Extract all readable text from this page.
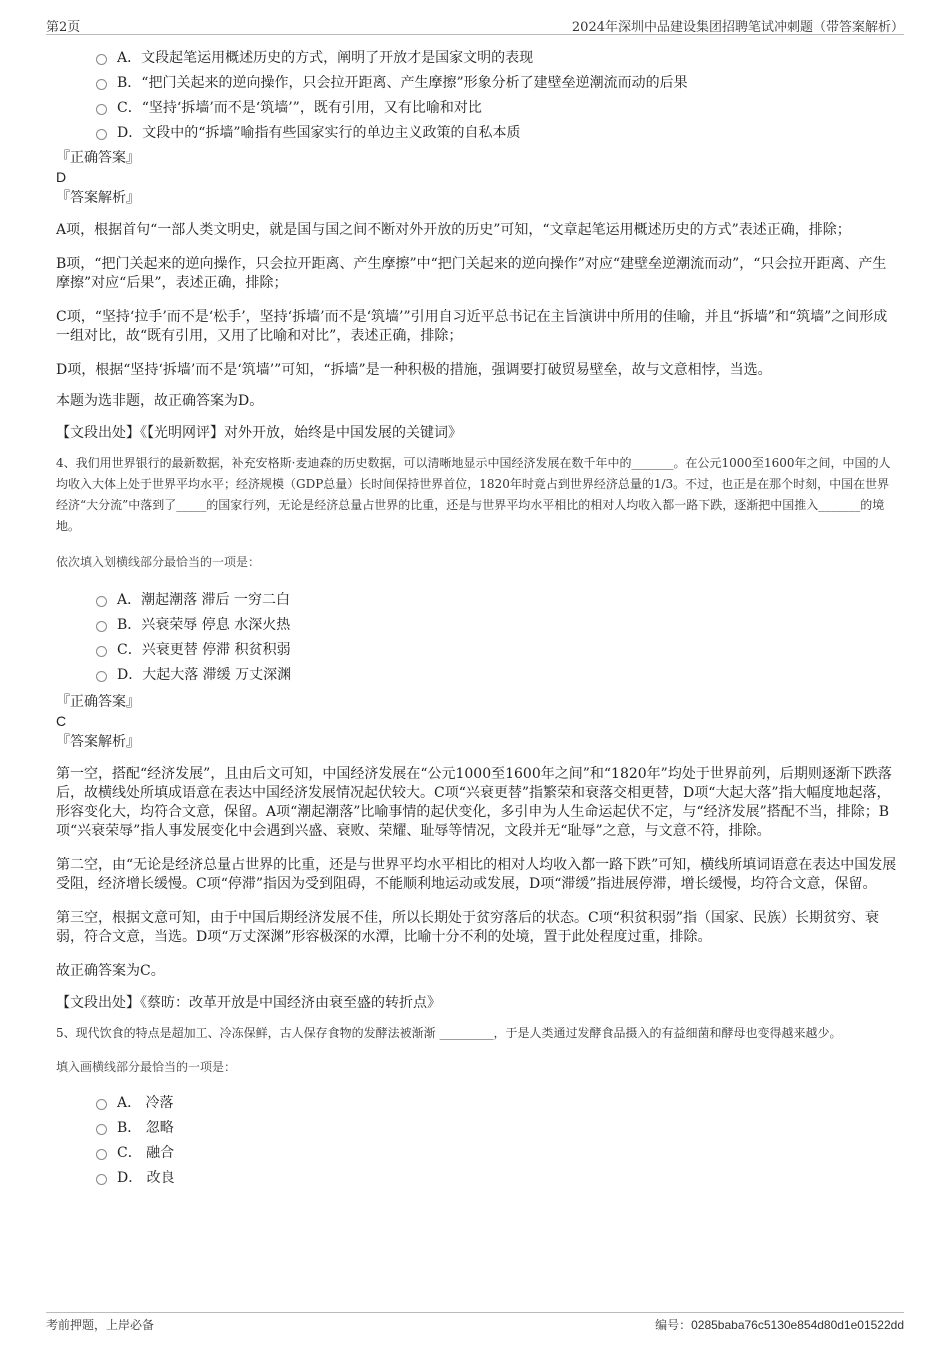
第2页	2024年深圳中品建设集团招聘笔试冲刺题（带答案解析）
A．文段起笔运用概述历史的方式，阐明了开放才是国家文明的表现
B．“把门关起来的逆向操作，只会拉开距离、产生摩擦”形象分析了建壁垒逆潮流而动的后果
C．“坚持‘拆墙’而不是‘筑墙’”，既有引用，又有比喻和对比
D．文段中的“拆墙”喻指有些国家实行的单边主义政策的自私本质
『正确答案』
D
『答案解析』

A项，根据首句“一部人类文明史，就是国与国之间不断对外开放的历史”可知，“文章起笔运用概述历史的方式”表述正确，排除；

B项，“把门关起来的逆向操作，只会拉开距离、产生摩擦”中“把门关起来的逆向操作”对应“建壁垒逆潮流而动”，“只会拉开距离、产生摩擦”对应“后果”，表述正确，排除；

C项，“坚持‘拉手’而不是‘松手’，坚持‘拆墙’而不是‘筑墙’”引用自习近平总书记在主旨演讲中所用的佳喻，并且“拆墙”和“筑墙”之间形成一组对比，故“既有引用，又用了比喻和对比”，表述正确，排除；

D项，根据“坚持‘拆墙’而不是‘筑墙’”可知，“拆墙”是一种积极的措施，强调要打破贸易壁垒，故与文意相悖，当选。

本题为选非题，故正确答案为D。

【文段出处】《【光明网评】对外开放，始终是中国发展的关键词》

4、我们用世界银行的最新数据，补充安格斯·麦迪森的历史数据，可以清晰地显示中国经济发展在数千年中的_______。在公元1000至1600年之间，中国的人均收入大体上处于世界平均水平；经济规模（GDP总量）长时间保持世界首位，1820年时竟占到世界经济总量的1/3。不过，也正是在那个时刻，中国在世界经济“大分流”中落到了_____的国家行列，无论是经济总量占世界的比重，还是与世界平均水平相比的相对人均收入都一路下跌，逐渐把中国推入_______的境地。

依次填入划横线部分最恰当的一项是：

A．潮起潮落 滞后 一穷二白
B．兴衰荣辱 停息 水深火热
C．兴衰更替 停滞 积贫积弱
D．大起大落 滞缓 万丈深渊
『正确答案』
C
『答案解析』

第一空，搭配“经济发展”，且由后文可知，中国经济发展在“公元1000至1600年之间”和“1820年”均处于世界前列，后期则逐渐下跌落后，故横线处所填成语意在表达中国经济发展情况起伏较大。C项“兴衰更替”指繁荣和衰落交相更替，D项“大起大落”指大幅度地起落，形容变化大，均符合文意，保留。A项“潮起潮落”比喻事情的起伏变化，多引申为人生命运起伏不定，与“经济发展”搭配不当，排除；B项“兴衰荣辱”指人事发展变化中会遇到兴盛、衰败、荣耀、耻辱等情况，文段并无“耻辱”之意，与文意不符，排除。

第二空，由“无论是经济总量占世界的比重，还是与世界平均水平相比的相对人均收入都一路下跌”可知，横线所填词语意在表达中国发展受阻，经济增长缓慢。C项“停滞”指因为受到阻碍，不能顺利地运动或发展，D项“滞缓”指进展停滞，增长缓慢，均符合文意，保留。

第三空，根据文意可知，由于中国后期经济发展不佳，所以长期处于贫穷落后的状态。C项“积贫积弱”指（国家、民族）长期贫穷、衰弱，符合文意，当选。D项“万丈深渊”形容极深的水潭，比喻十分不利的处境，置于此处程度过重，排除。

故正确答案为C。

【文段出处】《蔡昉：改革开放是中国经济由衰至盛的转折点》

5、现代饮食的特点是超加工、冷冻保鲜，古人保存食物的发酵法被渐渐 _________，于是人类通过发酵食品摄入的有益细菌和酵母也变得越来越少。

填入画横线部分最恰当的一项是：

A． 冷落
B． 忽略
C． 融合
D． 改良
考前押题，上岸必备	编号：0285baba76c5130e854d80d1e01522dd
